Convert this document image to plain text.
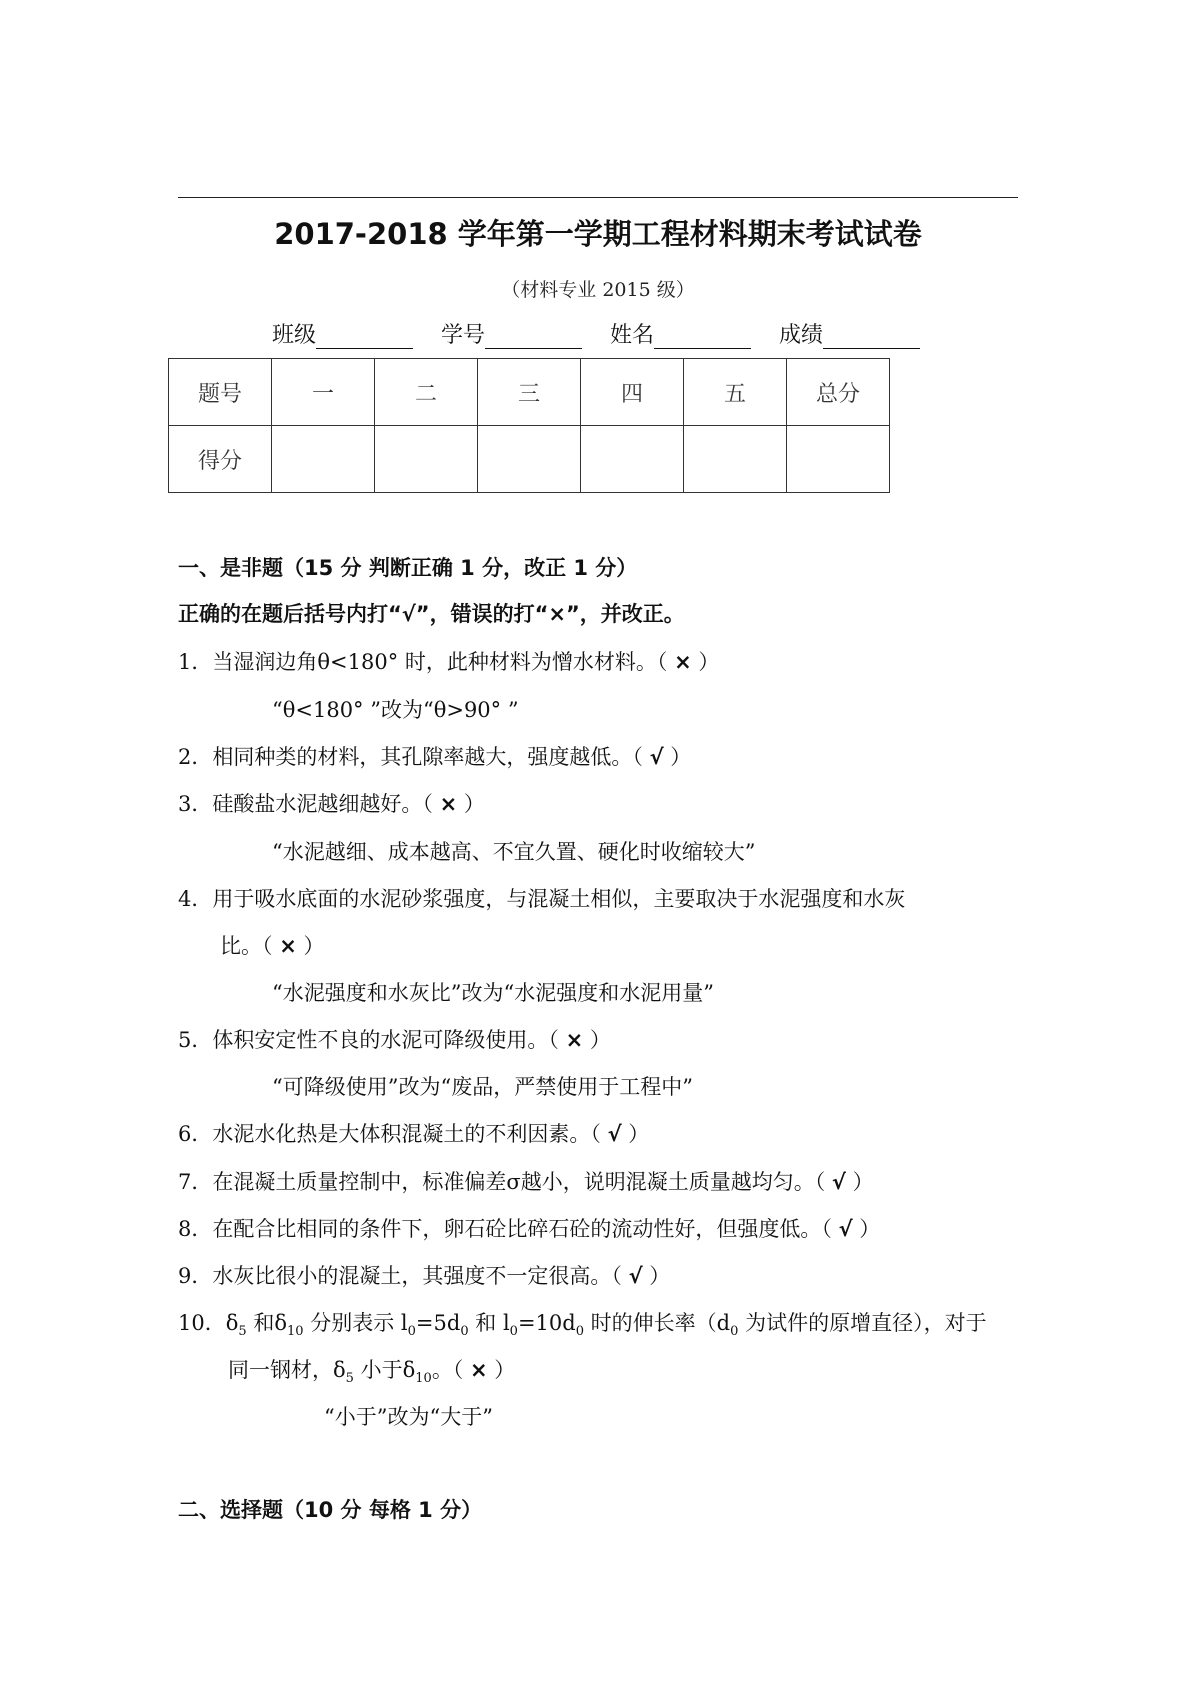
2017-2018 学年第一学期工程材料期末考试试卷
（材料专业 2015 级）
班级	学号	姓名	成绩
题号	一	二	三	四	五	总分
得分						
一、是非题（15 分 判断正确 1 分，改正 1 分）
正确的在题后括号内打“√”，错误的打“×”，并改正。
1．当湿润边角θ<180° 时，此种材料为憎水材料。（ × ）
“θ<180° ”改为“θ>90° ”
2．相同种类的材料，其孔隙率越大，强度越低。（ √ ）
3．硅酸盐水泥越细越好。（ × ）
“水泥越细、成本越高、不宜久置、硬化时收缩较大”
4．用于吸水底面的水泥砂浆强度，与混凝土相似，主要取决于水泥强度和水灰
比。（ × ）
“水泥强度和水灰比”改为“水泥强度和水泥用量”
5．体积安定性不良的水泥可降级使用。（ × ）
“可降级使用”改为“废品，严禁使用于工程中”
6．水泥水化热是大体积混凝土的不利因素。（ √ ）
7．在混凝土质量控制中，标准偏差σ越小，说明混凝土质量越均匀。（ √ ）
8．在配合比相同的条件下，卵石砼比碎石砼的流动性好，但强度低。（ √ ）
9．水灰比很小的混凝土，其强度不一定很高。（ √ ）
10．$\delta_5$ 和$\delta_{10}$ 分别表示 $l_0=5d_0$ 和 $l_0=10d_0$ 时的伸长率（$d_0$ 为试件的原增直径），对于
同一钢材，$\delta_5$ 小于$\delta_{10}$。（ × ）
“小于”改为“大于”
二、选择题（10 分 每格 1 分）
